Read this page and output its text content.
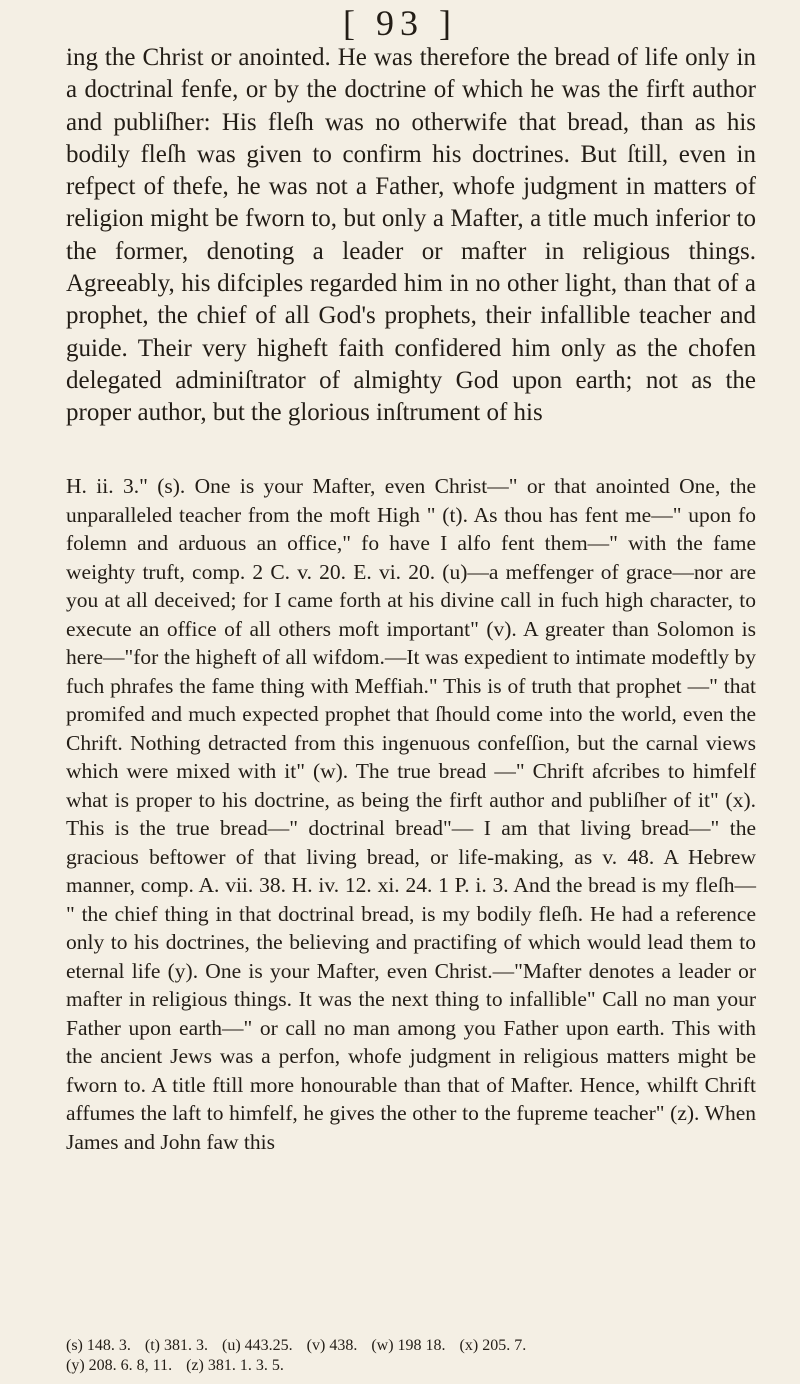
[ 93 ]
ing the Christ or anointed. He was therefore the bread of life only in a doctrinal fenfe, or by the doctrine of which he was the firft author and publiſher: His fleſh was no otherwife that bread, than as his bodily fleſh was given to confirm his doctrines. But ſtill, even in refpect of thefe, he was not a Father, whofe judgment in matters of religion might be fworn to, but only a Mafter, a title much inferior to the former, denoting a leader or mafter in religious things. Agreeably, his difciples regarded him in no other light, than that of a prophet, the chief of all God's prophets, their infallible teacher and guide. Their very higheft faith confidered him only as the chofen delegated adminiſtrator of almighty God upon earth; not as the proper author, but the glorious inſtrument of his
H. ii. 3." (s). One is your Mafter, even Christ—" or that anointed One, the unparalleled teacher from the moft High " (t). As thou has fent me—" upon fo folemn and arduous an office," fo have I alfo fent them—" with the fame weighty truft, comp. 2 C. v. 20. E. vi. 20. (u)—a meffenger of grace—nor are you at all deceived; for I came forth at his divine call in fuch high character, to execute an office of all others moft important" (v). A greater than Solomon is here—"for the higheft of all wifdom.—It was expedient to intimate modeftly by fuch phrafes the fame thing with Meffiah." This is of truth that prophet —" that promifed and much expected prophet that ſhould come into the world, even the Chrift. Nothing detracted from this ingenuous confeſſion, but the carnal views which were mixed with it" (w). The true bread —" Chrift afcribes to himfelf what is proper to his doctrine, as being the firft author and publiſher of it" (x). This is the true bread—" doctrinal bread"— I am that living bread—" the gracious beftower of that living bread, or life-making, as v. 48. A Hebrew manner, comp. A. vii. 38. H. iv. 12. xi. 24. 1 P. i. 3. And the bread is my fleſh— " the chief thing in that doctrinal bread, is my bodily fleſh. He had a reference only to his doctrines, the believing and practifing of which would lead them to eternal life (y). One is your Mafter, even Christ.—"Mafter denotes a leader or mafter in religious things. It was the next thing to infallible" Call no man your Father upon earth—" or call no man among you Father upon earth. This with the ancient Jews was a perfon, whofe judgment in religious matters might be fworn to. A title ftill more honourable than that of Mafter. Hence, whilft Chrift affumes the laft to himfelf, he gives the other to the fupreme teacher" (z). When James and John faw this
(s) 148. 3. (t) 381. 3. (u) 443.25. (v) 438. (w) 198 18. (x) 205. 7.
(y) 208. 6. 8, 11. (z) 381. 1. 3. 5.
